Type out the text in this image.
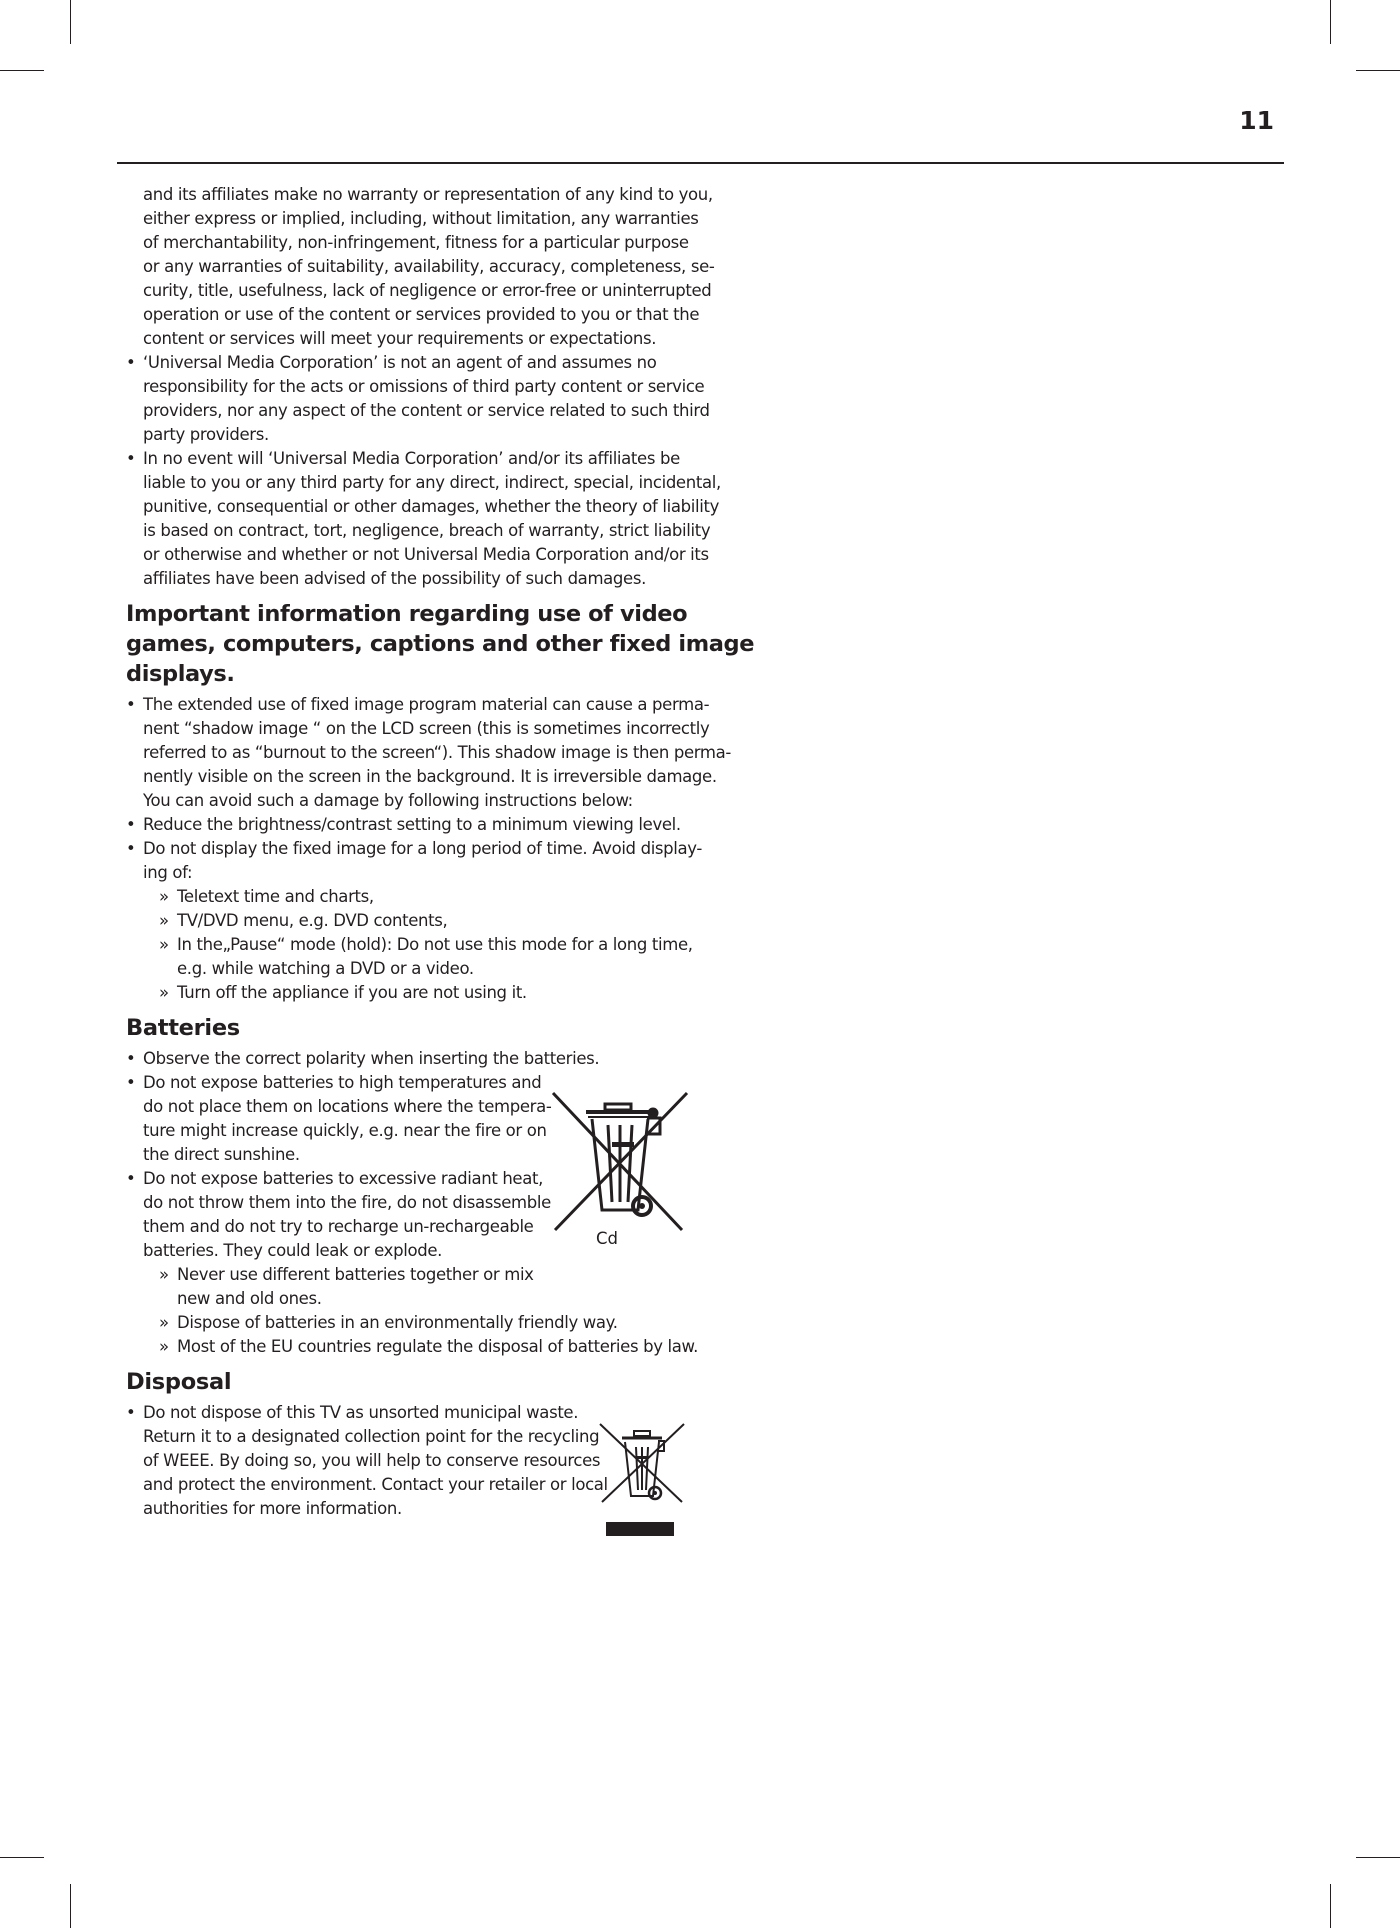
11

and its affiliates make no warranty or representation of any kind to you,

either express or implied, including, without limitation, any warranties

of merchantability, non-infringement, fitness for a particular purpose

or any warranties of suitability, availability, accuracy, completeness, se-

curity, title, usefulness, lack of negligence or error-free or uninterrupted

operation or use of the content or services provided to you or that the

content or services will meet your requirements or expectations.

• ‘Universal Media Corporation’ is not an agent of and assumes no

responsibility for the acts or omissions of third party content or service

providers, nor any aspect of the content or service related to such third

party providers.

• In no event will ‘Universal Media Corporation’ and/or its affiliates be

liable to you or any third party for any direct, indirect, special, incidental,

punitive, consequential or other damages, whether the theory of liability

is based on contract, tort, negligence, breach of warranty, strict liability

or otherwise and whether or not Universal Media Corporation and/or its

affiliates have been advised of the possibility of such damages.

Important information regarding use of video
games, computers, captions and other fixed image
displays.

• The extended use of fixed image program material can cause a perma-

nent “shadow image “ on the LCD screen (this is sometimes incorrectly

referred to as “burnout to the screen“). This shadow image is then perma-

nently visible on the screen in the background. It is irreversible damage.

You can avoid such a damage by following instructions below:

• Reduce the brightness/contrast setting to a minimum viewing level.

• Do not display the fixed image for a long period of time. Avoid display-

ing of:

» Teletext time and charts,

» TV/DVD menu, e.g. DVD contents,

» In the„Pause“ mode (hold): Do not use this mode for a long time,

e.g. while watching a DVD or a video.

» Turn off the appliance if you are not using it.

Batteries

• Observe the correct polarity when inserting the batteries.

• Do not expose batteries to high temperatures and

do not place them on locations where the tempera-

ture might increase quickly, e.g. near the fire or on

the direct sunshine.

• Do not expose batteries to excessive radiant heat,

do not throw them into the fire, do not disassemble

them and do not try to recharge un-rechargeable

batteries. They could leak or explode.

» Never use different batteries together or mix

new and old ones.

» Dispose of batteries in an environmentally friendly way.

» Most of the EU countries regulate the disposal of batteries by law.

Disposal

• Do not dispose of this TV as unsorted municipal waste.

Return it to a designated collection point for the recycling

of WEEE. By doing so, you will help to conserve resources

and protect the environment. Contact your retailer or local

authorities for more information.

Cd
